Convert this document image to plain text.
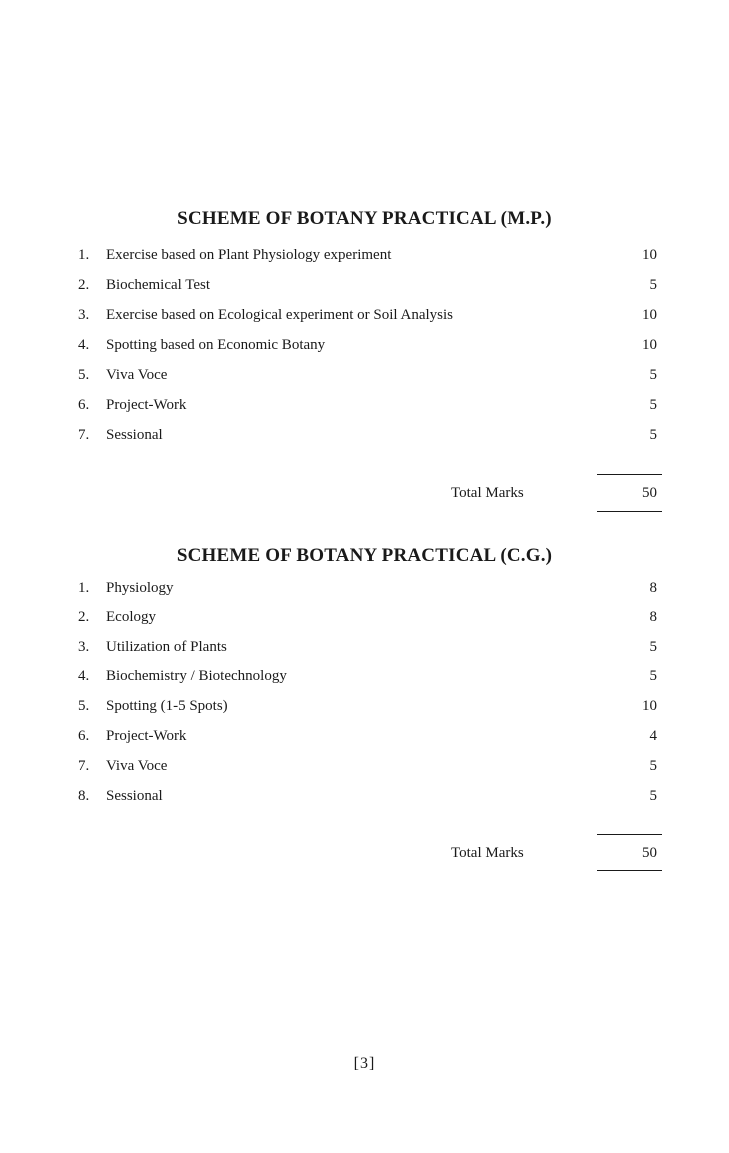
SCHEME OF BOTANY PRACTICAL (M.P.)
1.	Exercise based on Plant Physiology experiment	10
2.	Biochemical Test	5
3.	Exercise based on Ecological experiment or Soil Analysis	10
4.	Spotting based on Economic Botany	10
5.	Viva Voce	5
6.	Project-Work	5
7.	Sessional	5
Total Marks	50
SCHEME OF BOTANY PRACTICAL (C.G.)
1.	Physiology	8
2.	Ecology	8
3.	Utilization of Plants	5
4.	Biochemistry / Biotechnology	5
5.	Spotting (1-5 Spots)	10
6.	Project-Work	4
7.	Viva Voce	5
8.	Sessional	5
Total Marks	50
[3]
